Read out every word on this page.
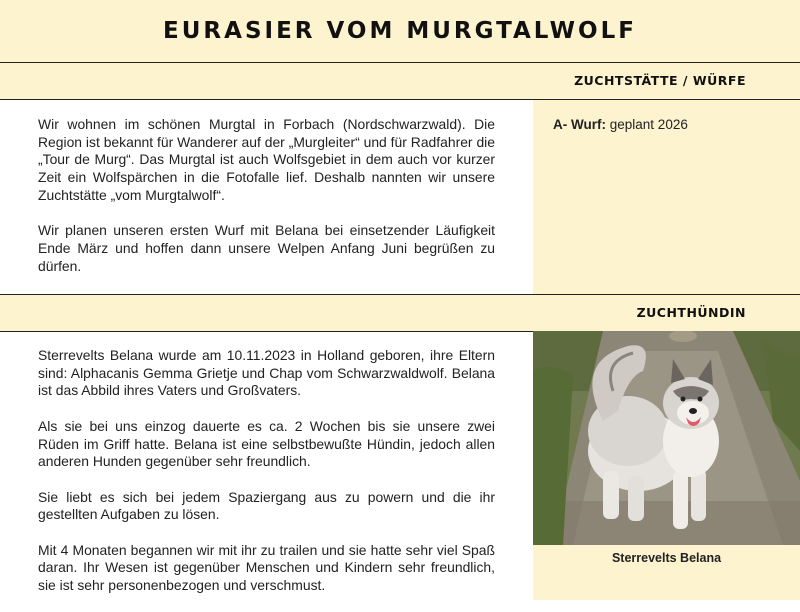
EURASIER VOM MURGTALWOLF
ZUCHTSTÄTTE / WÜRFE

Wir wohnen im schönen Murgtal in Forbach (Nordschwarzwald). Die Region ist bekannt für Wanderer auf der „Murgleiter“ und für Radfahrer die „Tour de Murg“. Das Murgtal ist auch Wolfsgebiet in dem auch vor kurzer Zeit ein Wolfspärchen in die Fotofalle lief. Deshalb nannten wir unsere Zuchtstätte „vom Murgtalwolf“.

Wir planen unseren ersten Wurf mit Belana bei einsetzender Läufigkeit Ende März und hoffen dann unsere Welpen Anfang Juni begrüßen zu dürfen.

A- Wurf: geplant 2026
ZUCHTHÜNDIN

Sterrevelts Belana wurde am 10.11.2023 in Holland geboren, ihre Eltern sind: Alphacanis Gemma Grietje und Chap vom Schwarzwaldwolf. Belana ist das Abbild ihres Vaters und Großvaters.

Als sie bei uns einzog dauerte es ca. 2 Wochen bis sie unsere zwei Rüden im Griff hatte. Belana ist eine selbstbewußte Hündin, jedoch allen anderen Hunden gegenüber sehr freundlich.

Sie liebt es sich bei jedem Spaziergang aus zu powern und die ihr gestellten Aufgaben zu lösen.

Mit 4 Monaten begannen wir mit ihr zu trailen und sie hatte sehr viel Spaß daran. Ihr Wesen ist gegenüber Menschen und Kindern sehr freundlich, sie ist sehr personenbezogen und verschmust.

Sterrevelts Belana
